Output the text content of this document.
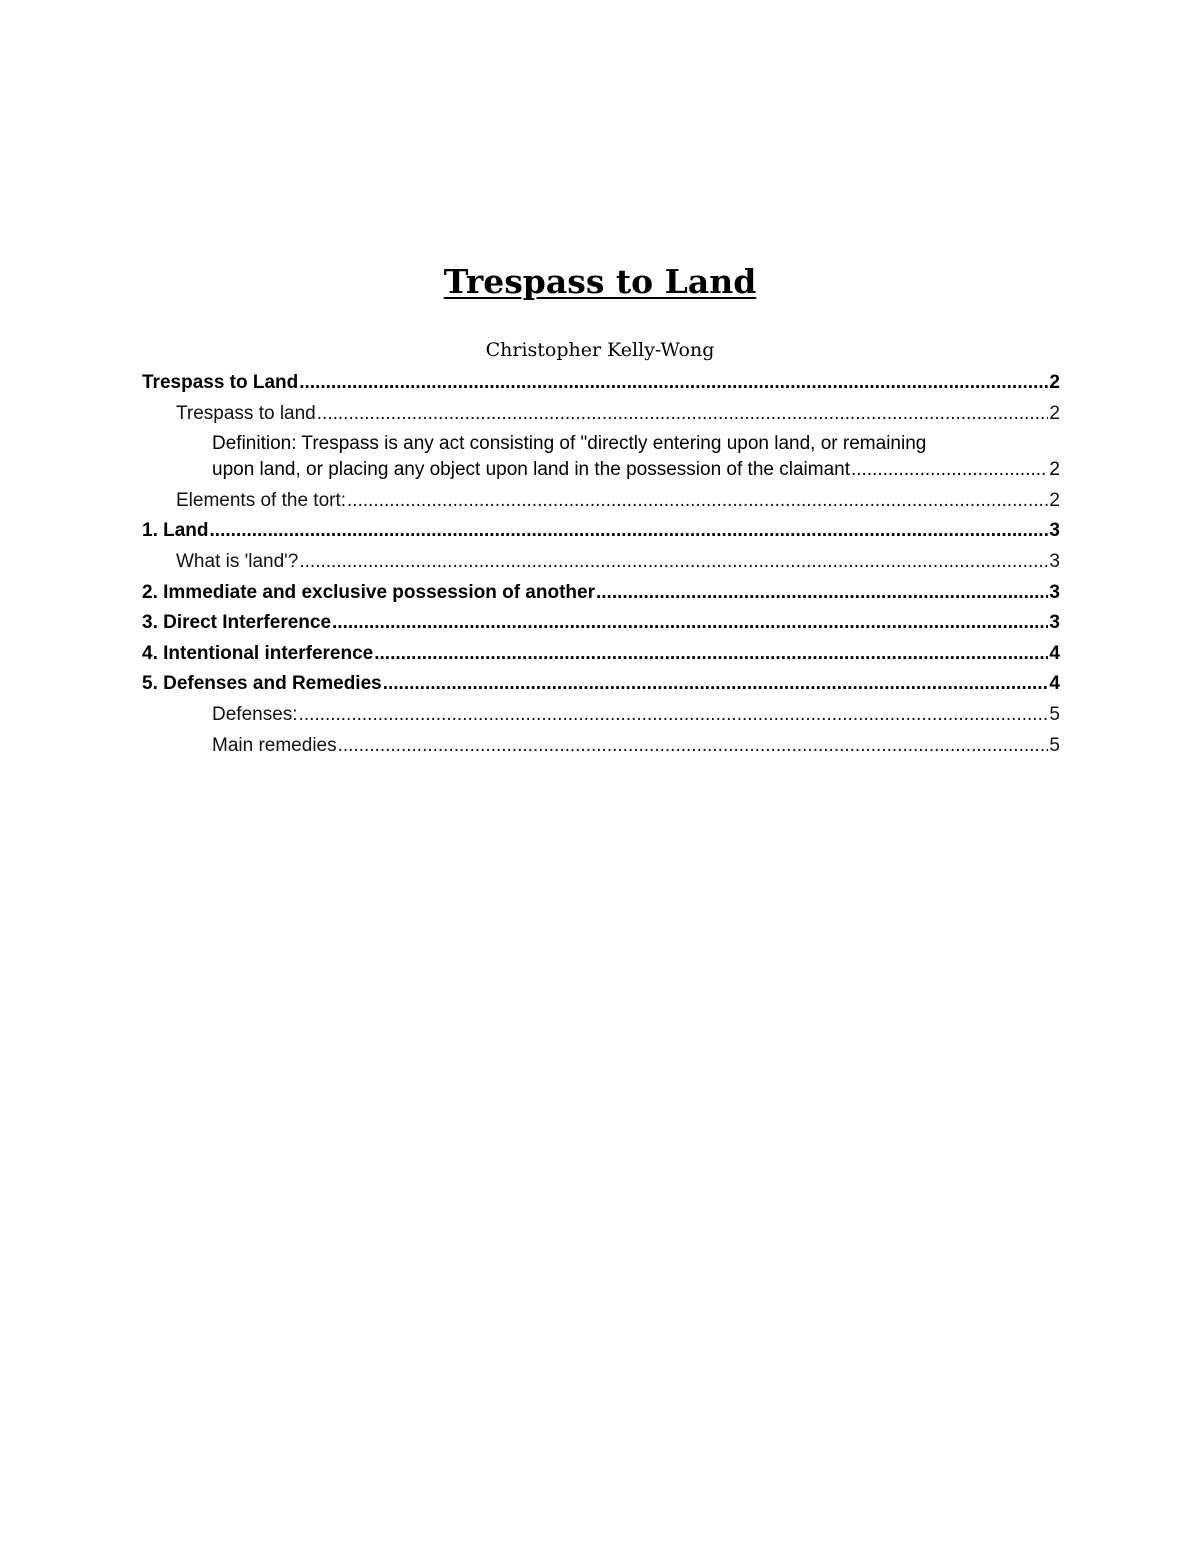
Trespass to Land

Christopher Kelly-Wong

Trespass to Land .....	2
Trespass to land .....	2
Definition: Trespass is any act consisting of "directly entering upon land, or remaining
upon land, or placing any object upon land in the possession of the claimant .....	2
Elements of the tort: .....	2
1. Land .....	3
What is 'land'? .....	3
2. Immediate and exclusive possession of another .....	3
3. Direct Interference .....	3
4. Intentional interference .....	4
5. Defenses and Remedies .....	4
Defenses: .....	5
Main remedies .....	5
